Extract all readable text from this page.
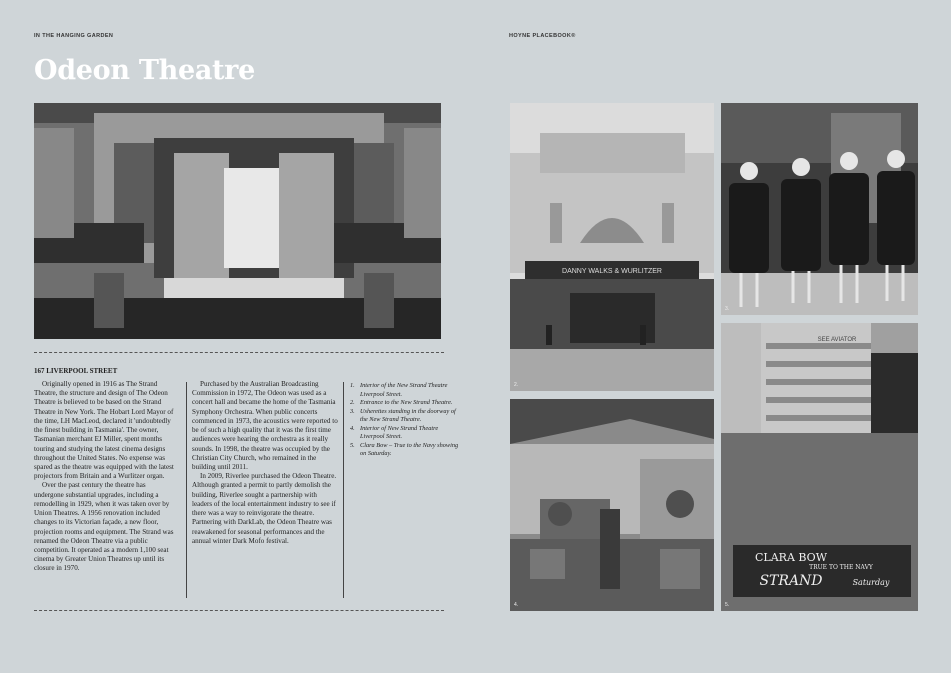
IN THE HANGING GARDEN	HOYNE PLACEBOOK®
Odeon Theatre
167 LIVERPOOL STREET

Originally opened in 1916 as The Strand Theatre, the structure and design of The Odeon Theatre is believed to be based on the Strand Theatre in New York. The Hobart Lord Mayor of the time, LH MacLeod, declared it 'undoubtedly the finest building in Tasmania'. The owner, Tasmanian merchant EJ Miller, spent months touring and studying the latest cinema designs throughout the United States. No expense was spared as the theatre was equipped with the latest projectors from Britain and a Wurlitzer organ.

Over the past century the theatre has undergone substantial upgrades, including a remodelling in 1929, when it was taken over by Union Theatres. A 1956 renovation included changes to its Victorian façade, a new floor, projection rooms and equipment. The Strand was renamed the Odeon Theatre via a public competition. It operated as a modern 1,100 seat cinema by Greater Union Theatres up until its closure in 1970.

Purchased by the Australian Broadcasting Commission in 1972, The Odeon was used as a concert hall and became the home of the Tasmania Symphony Orchestra. When public concerts commenced in 1973, the acoustics were reported to be of such a high quality that it was the first time audiences were hearing the orchestra as it really sounds. In 1998, the theatre was occupied by the Christian City Church, who remained in the building until 2011.

In 2009, Riverlee purchased the Odeon Theatre. Although granted a permit to partly demolish the building, Riverlee sought a partnership with leaders of the local entertainment industry to see if there was a way to reinvigorate the theatre. Partnering with DarkLab, the Odeon Theatre was reawakened for seasonal performances and the annual winter Dark Mofo festival.

1. Interior of the New Strand Theatre Liverpool Street.
2. Entrance to the New Strand Theatre.
3. Usherettes standing in the doorway of the New Strand Theatre.
4. Interior of New Strand Theatre Liverpool Street.
5. Clara Bow – True to the Navy showing on Saturday.
DANNY WALKS & WURLITZER
2.
3.
4.
SEE AVIATOR
CLARA BOW
TRUE TO THE NAVY
STRAND	Saturday
5.
